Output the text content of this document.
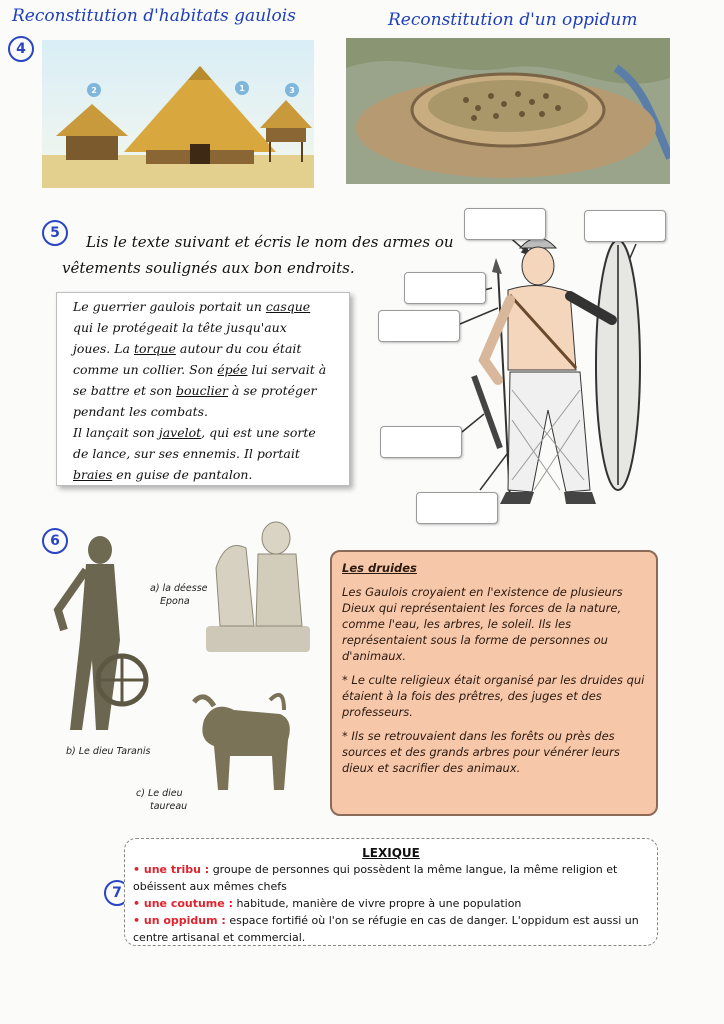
Reconstitution d'habitats gaulois	Reconstitution d'un oppidum
4
2	1	3
5	Lis le texte suivant et écris le nom des armes ou
vêtements soulignés aux bon endroits.
Le guerrier gaulois portait un casque
qui le protégeait la tête jusqu'aux
joues. La torque autour du cou était
comme un collier. Son épée lui servait à
se battre et son bouclier à se protéger
pendant les combats.
Il lançait son javelot, qui est une sorte
de lance, sur ses ennemis. Il portait
braies en guise de pantalon.
6
a) la déesse
Epona
b) Le dieu Taranis
c) Le dieu
taureau

Les druides

Les Gaulois croyaient en l'existence de plusieurs Dieux qui représentaient les forces de la nature, comme l'eau, les arbres, le soleil. Ils les représentaient sous la forme de personnes ou d'animaux.

* Le culte religieux était organisé par les druides qui étaient à la fois des prêtres, des juges et des professeurs.

* Ils se retrouvaient dans les forêts ou près des sources et des grands arbres pour vénérer leurs dieux et sacrifier des animaux.

7
LEXIQUE
• une tribu : groupe de personnes qui possèdent la même langue, la même religion et obéissent aux mêmes chefs
• une coutume : habitude, manière de vivre propre à une population
• un oppidum : espace fortifié où l'on se réfugie en cas de danger. L'oppidum est aussi un centre artisanal et commercial.
